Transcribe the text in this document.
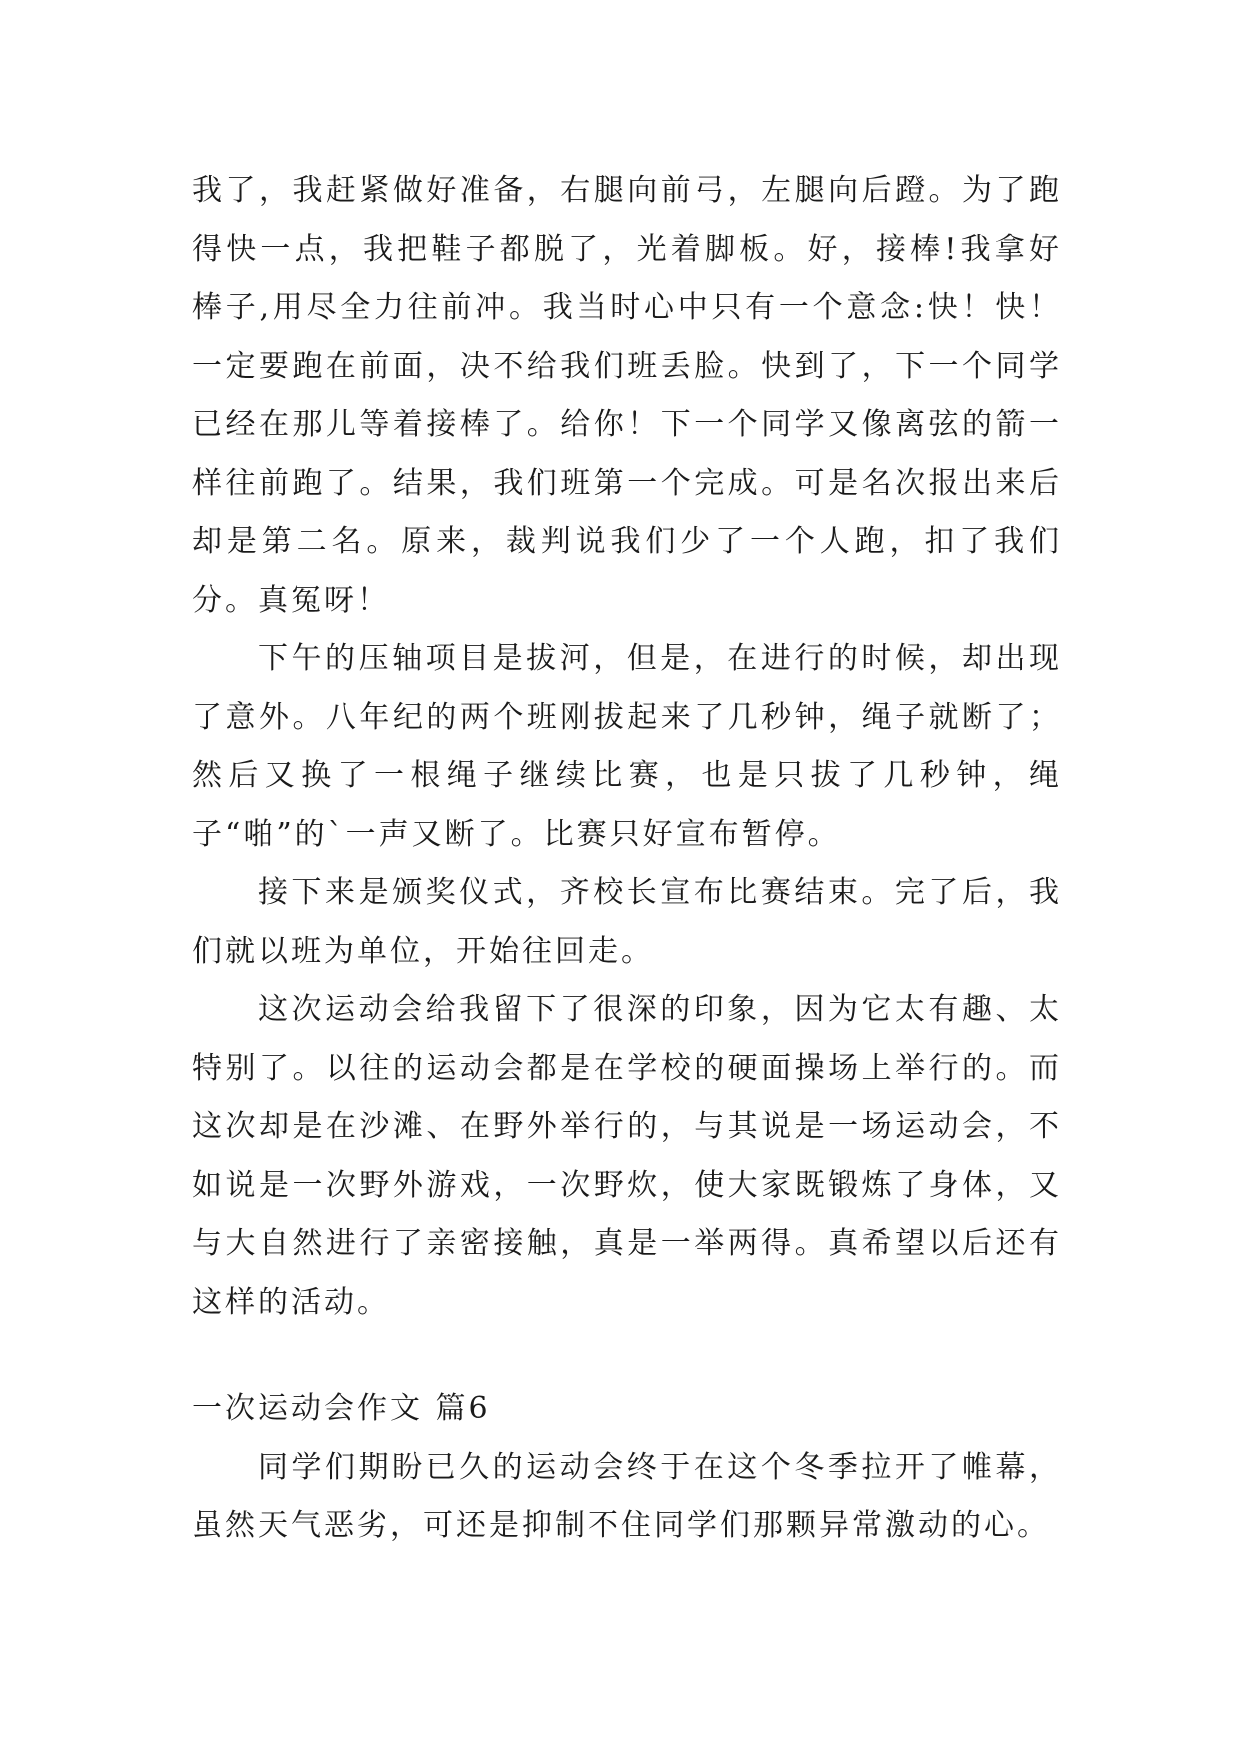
我了，我赶紧做好准备，右腿向前弓，左腿向后蹬。为了跑得快一点，我把鞋子都脱了，光着脚板。好，接棒!我拿好棒子,用尽全力往前冲。我当时心中只有一个意念:快！快！一定要跑在前面，决不给我们班丢脸。快到了，下一个同学已经在那儿等着接棒了。给你！下一个同学又像离弦的箭一样往前跑了。结果，我们班第一个完成。可是名次报出来后却是第二名。原来，裁判说我们少了一个人跑，扣了我们分。真冤呀！

下午的压轴项目是拔河，但是，在进行的时候，却出现了意外。八年纪的两个班刚拔起来了几秒钟，绳子就断了；然后又换了一根绳子继续比赛，也是只拔了几秒钟，绳子“啪”的`一声又断了。比赛只好宣布暂停。

接下来是颁奖仪式，齐校长宣布比赛结束。完了后，我们就以班为单位，开始往回走。

这次运动会给我留下了很深的印象，因为它太有趣、太特别了。以往的运动会都是在学校的硬面操场上举行的。而这次却是在沙滩、在野外举行的，与其说是一场运动会，不如说是一次野外游戏，一次野炊，使大家既锻炼了身体，又与大自然进行了亲密接触，真是一举两得。真希望以后还有这样的活动。

一次运动会作文 篇6

同学们期盼已久的运动会终于在这个冬季拉开了帷幕，虽然天气恶劣，可还是抑制不住同学们那颗异常激动的心。
